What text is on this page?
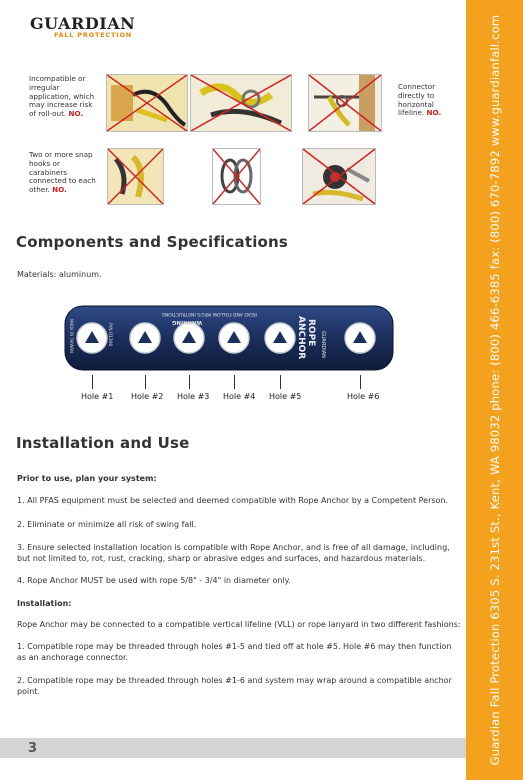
GUARDIAN
FALL PROTECTION
Incompatible or irregular application, which may increase risk of roll-out. NO.
Connector directly to horizontal lifeline. NO.
Two or more snap hooks or carabiners connected to each other. NO.
Components and Specifications
Materials: aluminum.
GUARDIAN
ROPE
ANCHOR
WARNING
READ AND FOLLOW MFG'S INSTRUCTIONS
P/N 01300
MADE IN TAIWAN
Hole #1 Hole #2 Hole #3 Hole #4 Hole #5	Hole #6
Installation and Use
Prior to use, plan your system:
1. All PFAS equipment must be selected and deemed compatible with Rope Anchor by a Competent Person.
2. Eliminate or minimize all risk of swing fall.
3. Ensure selected installation location is compatible with Rope Anchor, and is free of all damage, including, but not limited to, rot, rust, cracking, sharp or abrasive edges and surfaces, and hazardous materials.
4. Rope Anchor MUST be used with rope 5/8" - 3/4" in diameter only.
Installation:
Rope Anchor may be connected to a compatible vertical lifeline (VLL) or rope lanyard in two different fashions:
1. Compatible rope may be threaded through holes #1-5 and tied off at hole #5. Hole #6 may then function as an anchorage connector.
2. Compatible rope may be threaded through holes #1-6 and system may wrap around a compatible anchor point.
3	Guardian Fall Protection 6305 S. 231st St., Kent, WA 98032 phone: (800) 466-6385 fax: (800) 670-7892 www.guardianfall.com
